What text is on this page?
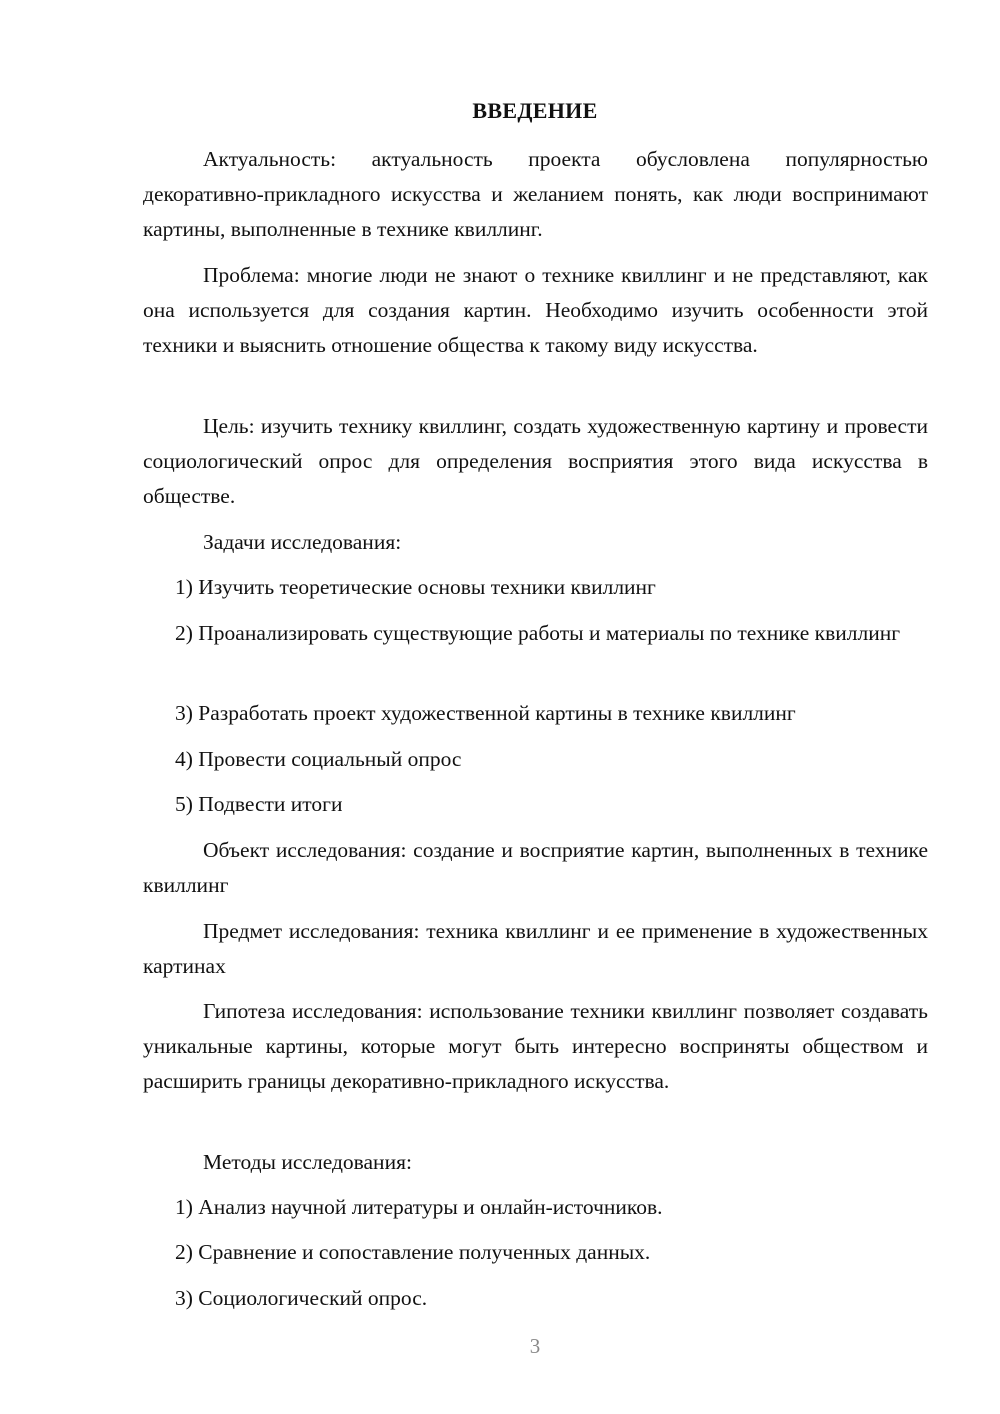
ВВЕДЕНИЕ

Актуальность: актуальность проекта обусловлена популярностью декоративно-прикладного искусства и желанием понять, как люди воспринимают картины, выполненные в технике квиллинг.

Проблема: многие люди не знают о технике квиллинг и не представляют, как она используется для создания картин. Необходимо изучить особенности этой техники и выяснить отношение общества к такому виду искусства.

Цель: изучить технику квиллинг, создать художественную картину и провести социологический опрос для определения восприятия этого вида искусства в обществе.

Задачи исследования:

1) Изучить теоретические основы техники квиллинг

2) Проанализировать существующие работы и материалы по технике квиллинг

3) Разработать проект художественной картины в технике квиллинг

4) Провести социальный опрос

5) Подвести итоги

Объект исследования: создание и восприятие картин, выполненных в технике квиллинг

Предмет исследования: техника квиллинг и ее применение в художественных картинах

Гипотеза исследования: использование техники квиллинг позволяет создавать уникальные картины, которые могут быть интересно восприняты обществом и расширить границы декоративно-прикладного искусства.

Методы исследования:

1) Анализ научной литературы и онлайн-источников.

2) Сравнение и сопоставление полученных данных.

3) Социологический опрос.

3
